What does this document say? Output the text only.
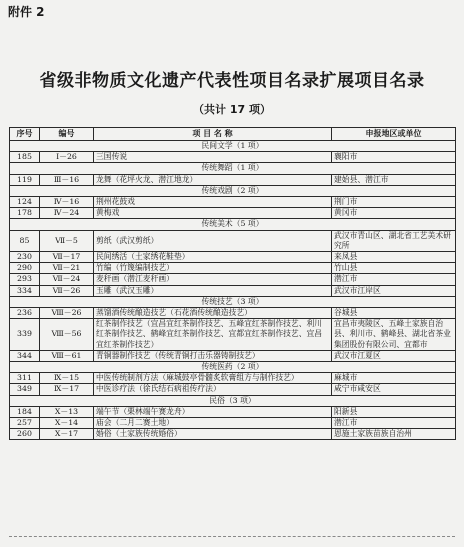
附件 2
省级非物质文化遗产代表性项目名录扩展项目名录
（共计 17 项）
序号	编号	项 目 名 称	申报地区或单位
民间文学（1 项）			
185	Ⅰ－26	三国传说	襄阳市
传统舞蹈（1 项）			
119	Ⅲ－16	龙舞（花坪火龙、潜江地龙）	建始县、潜江市
传统戏剧（2 项）			
124	Ⅳ－16	荆州花鼓戏	荆门市
178	Ⅳ－24	黄梅戏	黄冈市
传统美术（5 项）			
85	Ⅶ－5	剪纸（武汉剪纸）	武汉市青山区、湖北省工艺美术研究所
230	Ⅶ－17	民间绣活（土家绣花鞋垫）	来凤县
290	Ⅶ－21	竹编（竹篾编制技艺）	竹山县
293	Ⅶ－24	麦秆画（潜江麦秆画）	潜江市
334	Ⅶ－26	玉雕（武汉玉雕）	武汉市江岸区
传统技艺（3 项）			
236	Ⅷ－26	蒸馏酒传统酿造技艺（石花酒传统酿造技艺）	谷城县
339	Ⅷ－56	红茶制作技艺（宜昌宜红茶制作技艺、五峰宜红茶制作技艺、利川红茶制作技艺、鹤峰宜红茶制作技艺、宜都宜红茶制作技艺、宜昌宜红茶制作技艺）	宜昌市夷陵区、五峰土家族自治县、利川市、鹤峰县、湖北省茶业集团股份有限公司、宜都市
344	Ⅷ－61	青铜器制作技艺（传统青铜打击乐器铸制技艺）	武汉市江夏区
传统医药（2 项）			
311	Ⅸ－15	中医传统制剂方法（麻城鼓亭骨髓炙软膏组方与制作技艺）	麻城市
349	Ⅸ－17	中医诊疗法（徐氏结石病祖传疗法）	咸宁市咸安区
民俗（3 项）			
184	Ⅹ－13	端午节（栗林端午赛龙舟）	阳新县
257	Ⅹ－14	庙会（二月二赛土地）	潜江市
260	Ⅹ－17	婚俗（土家族传统婚俗）	恩施土家族苗族自治州
